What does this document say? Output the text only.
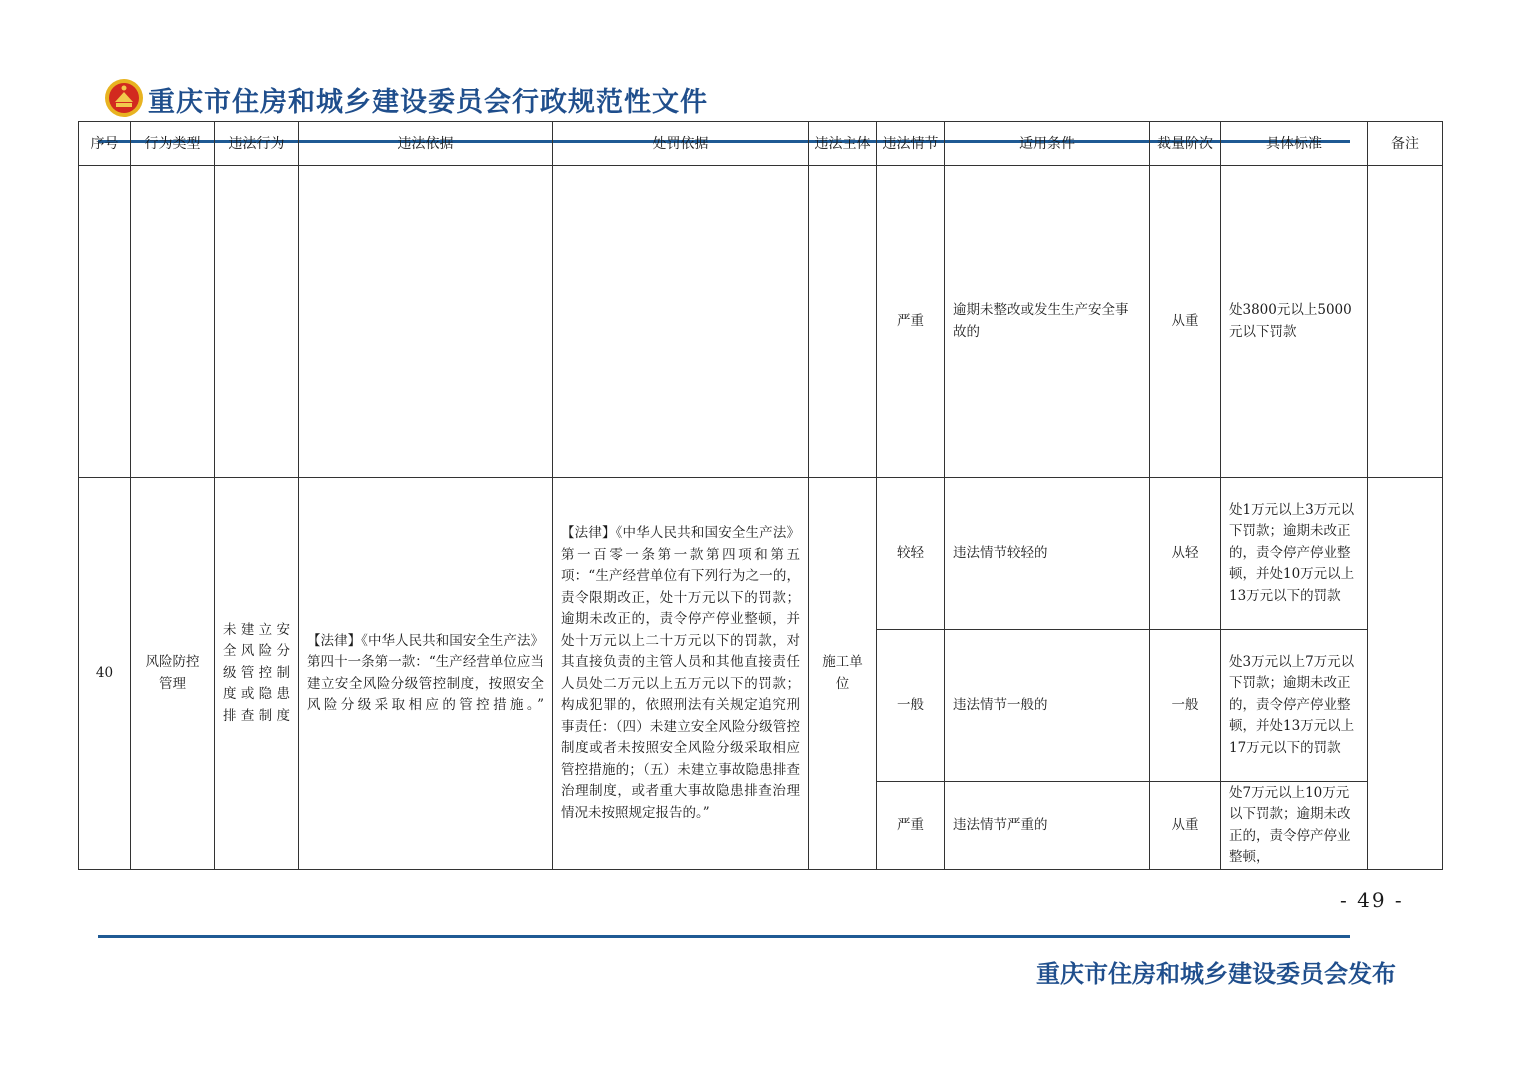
重庆市住房和城乡建设委员会行政规范性文件
序号	行为类型	违法行为	违法依据	处罚依据	违法主体	违法情节	适用条件	裁量阶次	具体标准	备注
						严重	逾期未整改或发生生产安全事故的	从重	处3800元以上5000元以下罚款	
40	风险防控管理	未建立安全风险分级管控制度或隐患排查制度	【法律】《中华人民共和国安全生产法》第四十一条第一款：“生产经营单位应当建立安全风险分级管控制度，按照安全风险分级采取相应的管控措施。”	【法律】《中华人民共和国安全生产法》第一百零一条第一款第四项和第五项：“生产经营单位有下列行为之一的，责令限期改正，处十万元以下的罚款；逾期未改正的，责令停产停业整顿，并处十万元以上二十万元以下的罚款，对其直接负责的主管人员和其他直接责任人员处二万元以上五万元以下的罚款；构成犯罪的，依照刑法有关规定追究刑事责任：（四）未建立安全风险分级管控制度或者未按照安全风险分级采取相应管控措施的；（五）未建立事故隐患排查治理制度，或者重大事故隐患排查治理情况未按照规定报告的。”	施工单位	较轻	违法情节较轻的	从轻	处1万元以上3万元以下罚款；逾期未改正的，责令停产停业整顿，并处10万元以上13万元以下的罚款	
						一般	违法情节一般的	一般	处3万元以上7万元以下罚款；逾期未改正的，责令停产停业整顿，并处13万元以上17万元以下的罚款	
						严重	违法情节严重的	从重	处7万元以上10万元以下罚款；逾期未改正的，责令停产停业整顿，	
- 49 -
重庆市住房和城乡建设委员会发布
